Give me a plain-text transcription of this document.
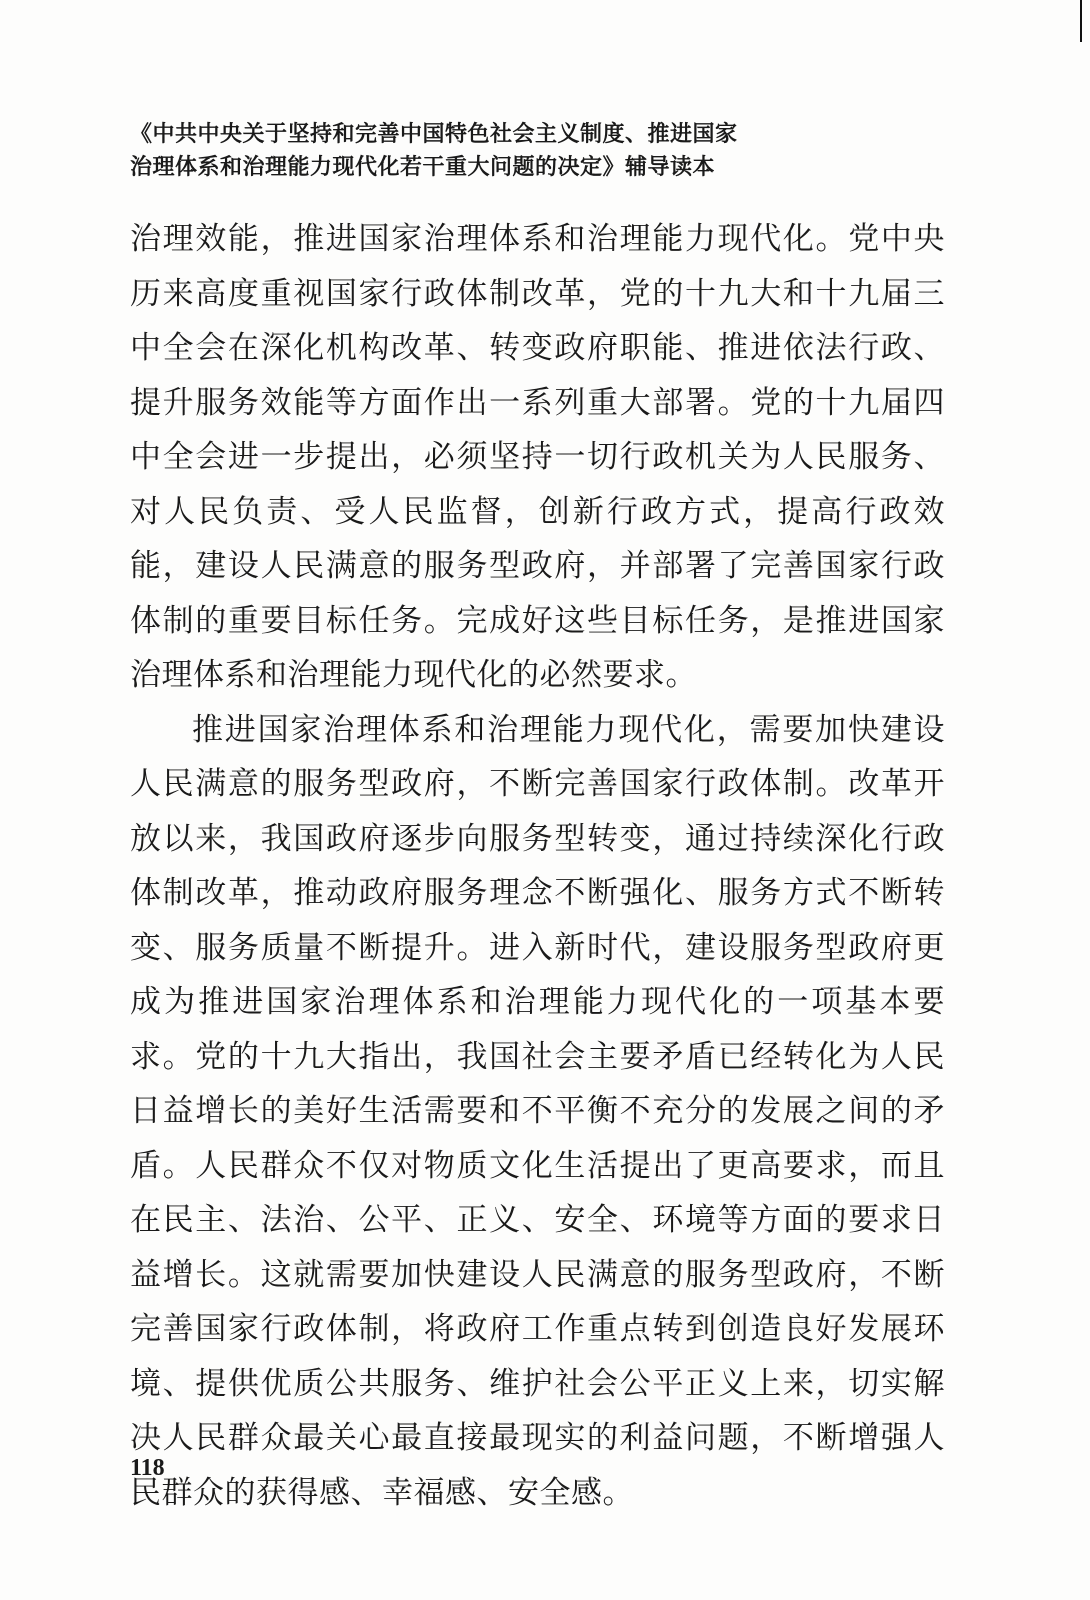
《中共中央关于坚持和完善中国特色社会主义制度、推进国家
治理体系和治理能力现代化若干重大问题的决定》辅导读本

治理效能，推进国家治理体系和治理能力现代化。党中央历来高度重视国家行政体制改革，党的十九大和十九届三中全会在深化机构改革、转变政府职能、推进依法行政、提升服务效能等方面作出一系列重大部署。党的十九届四中全会进一步提出，必须坚持一切行政机关为人民服务、对人民负责、受人民监督，创新行政方式，提高行政效能，建设人民满意的服务型政府，并部署了完善国家行政体制的重要目标任务。完成好这些目标任务，是推进国家治理体系和治理能力现代化的必然要求。

推进国家治理体系和治理能力现代化，需要加快建设人民满意的服务型政府，不断完善国家行政体制。改革开放以来，我国政府逐步向服务型转变，通过持续深化行政体制改革，推动政府服务理念不断强化、服务方式不断转变、服务质量不断提升。进入新时代，建设服务型政府更成为推进国家治理体系和治理能力现代化的一项基本要求。党的十九大指出，我国社会主要矛盾已经转化为人民日益增长的美好生活需要和不平衡不充分的发展之间的矛盾。人民群众不仅对物质文化生活提出了更高要求，而且在民主、法治、公平、正义、安全、环境等方面的要求日益增长。这就需要加快建设人民满意的服务型政府，不断完善国家行政体制，将政府工作重点转到创造良好发展环境、提供优质公共服务、维护社会公平正义上来，切实解决人民群众最关心最直接最现实的利益问题，不断增强人民群众的获得感、幸福感、安全感。

118
